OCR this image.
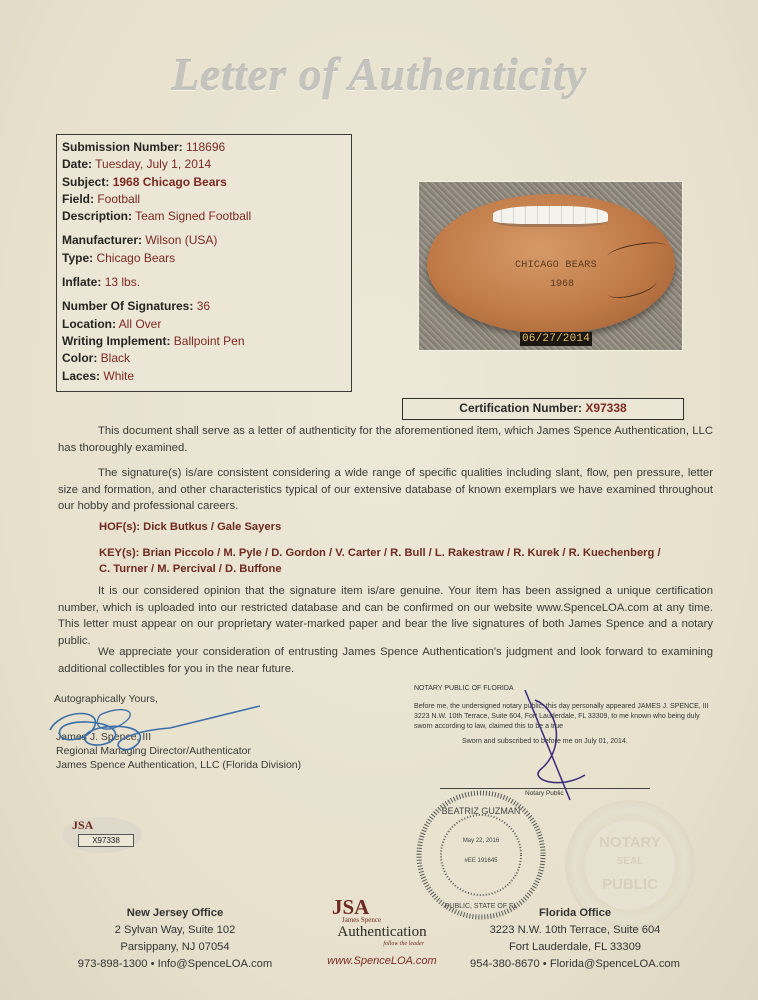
Letter of Authenticity
Submission Number: 118696
Date: Tuesday, July 1, 2014
Subject: 1968 Chicago Bears
Field: Football
Description: Team Signed Football
Manufacturer: Wilson (USA)
Type: Chicago Bears
Inflate: 13 lbs.
Number Of Signatures: 36
Location: All Over
Writing Implement: Ballpoint Pen
Color: Black
Laces: White
CHICAGO BEARS
1968
06/27/2014
Certification Number: X97338

This document shall serve as a letter of authenticity for the aforementioned item, which James Spence Authentication, LLC has thoroughly examined.

The signature(s) is/are consistent considering a wide range of specific qualities including slant, flow, pen pressure, letter size and formation, and other characteristics typical of our extensive database of known exemplars we have examined throughout our hobby and professional careers.

HOF(s): Dick Butkus / Gale Sayers
KEY(s): Brian Piccolo / M. Pyle / D. Gordon / V. Carter / R. Bull / L. Rakestraw / R. Kurek / R. Kuechenberg /
C. Turner / M. Percival / D. Buffone

It is our considered opinion that the signature item is/are genuine. Your item has been assigned a unique certification number, which is uploaded into our restricted database and can be confirmed on our website www.SpenceLOA.com at any time. This letter must appear on our proprietary water-marked paper and bear the live signatures of both James Spence and a notary public.

We appreciate your consideration of entrusting James Spence Authentication's judgment and look forward to examining additional collectibles for you in the near future.

Autographically Yours,
James J. Spence, III
Regional Managing Director/Authenticator
James Spence Authentication, LLC (Florida Division)
JSA
X97338
NOTARY PUBLIC OF FLORIDA
Before me, the undersigned notary public, this day personally appeared JAMES J. SPENCE, III 3223 N.W. 10th Terrace, Suite 604, Fort Lauderdale, FL 33309, to me known who being duly sworn according to law, claimed this to be a true
Sworn and subscribed to before me on July 01, 2014.
Notary Public
BEATRIZ GUZMAN
May 22, 2016
#EE 191645
PUBLIC, STATE OF FL
NOTARY
SEAL
PUBLIC
New Jersey Office
2 Sylvan Way, Suite 102
Parsippany, NJ 07054
973-898-1300 • Info@SpenceLOA.com
JSA
James Spence
Authentication
follow the leader
www.SpenceLOA.com
Florida Office
3223 N.W. 10th Terrace, Suite 604
Fort Lauderdale, FL 33309
954-380-8670 • Florida@SpenceLOA.com
